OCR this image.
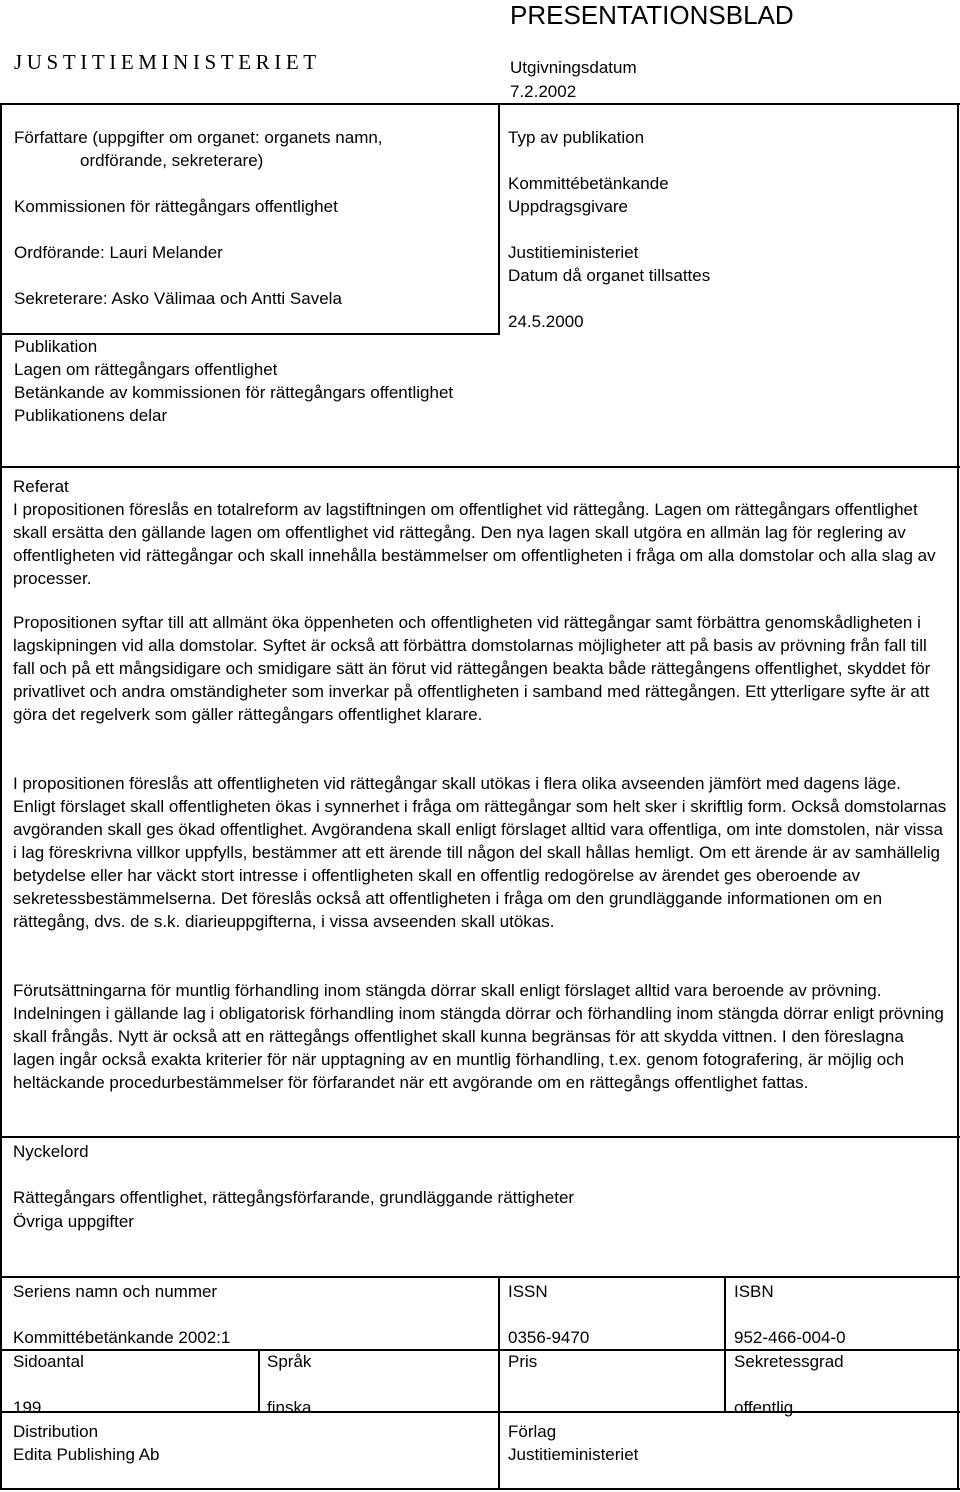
JUSTITIEMINISTERIET
PRESENTATIONSBLAD
Utgivningsdatum
7.2.2002
Författare (uppgifter om organet: organets namn,
ordförande, sekreterare)
Kommissionen för rättegångars offentlighet
Ordförande: Lauri Melander
Sekreterare: Asko Välimaa och Antti Savela
Typ av publikation
Kommittébetänkande
Uppdragsgivare
Justitieministeriet
Datum då organet tillsattes
24.5.2000
Publikation
Lagen om rättegångars offentlighet
Betänkande av kommissionen för rättegångars offentlighet
Publikationens delar
Referat

I propositionen föreslås en totalreform av lagstiftningen om offentlighet vid rättegång. Lagen om rättegångars offentlighet skall ersätta den gällande lagen om offentlighet vid rättegång. Den nya lagen skall utgöra en allmän lag för reglering av offentligheten vid rättegångar och skall innehålla bestämmelser om offentligheten i fråga om alla domstolar och alla slag av processer.

Propositionen syftar till att allmänt öka öppenheten och offentligheten vid rättegångar samt förbättra genomskådligheten i lagskipningen vid alla domstolar. Syftet är också att förbättra domstolarnas möjligheter att på basis av prövning från fall till fall och på ett mångsidigare och smidigare sätt än förut vid rättegången beakta både rättegångens offentlighet, skyddet för privatlivet och andra omständigheter som inverkar på offentligheten i samband med rättegången. Ett ytterligare syfte är att göra det regelverk som gäller rättegångars offentlighet klarare.

I propositionen föreslås att offentligheten vid rättegångar skall utökas i flera olika avseenden jämfört med dagens läge. Enligt förslaget skall offentligheten ökas i synnerhet i fråga om rättegångar som helt sker i skriftlig form. Också domstolarnas avgöranden skall ges ökad offentlighet. Avgörandena skall enligt förslaget alltid vara offentliga, om inte domstolen, när vissa i lag föreskrivna villkor uppfylls, bestämmer att ett ärende till någon del skall hållas hemligt. Om ett ärende är av samhällelig betydelse eller har väckt stort intresse i offentligheten skall en offentlig redogörelse av ärendet ges oberoende av sekretessbestämmelserna. Det föreslås också att offentligheten i fråga om den grundläggande informationen om en rättegång, dvs. de s.k. diarieuppgifterna, i vissa avseenden skall utökas.

Förutsättningarna för muntlig förhandling inom stängda dörrar skall enligt förslaget alltid vara beroende av prövning. Indelningen i gällande lag i obligatorisk förhandling inom stängda dörrar och förhandling inom stängda dörrar enligt prövning skall frångås. Nytt är också att en rättegångs offentlighet skall kunna begränsas för att skydda vittnen. I den föreslagna lagen ingår också exakta kriterier för när upptagning av en muntlig förhandling, t.ex. genom fotografering, är möjlig och heltäckande procedurbestämmelser för förfarandet när ett avgörande om en rättegångs offentlighet fattas.

Nyckelord
Rättegångars offentlighet, rättegångsförfarande, grundläggande rättigheter
Övriga uppgifter
Seriens namn och nummer
Kommittébetänkande 2002:1
ISSN
0356-9470
ISBN
952-466-004-0
Sidoantal
199
Språk
finska
Pris	Sekretessgrad
offentlig
Distribution
Edita Publishing Ab
Förlag
Justitieministeriet
